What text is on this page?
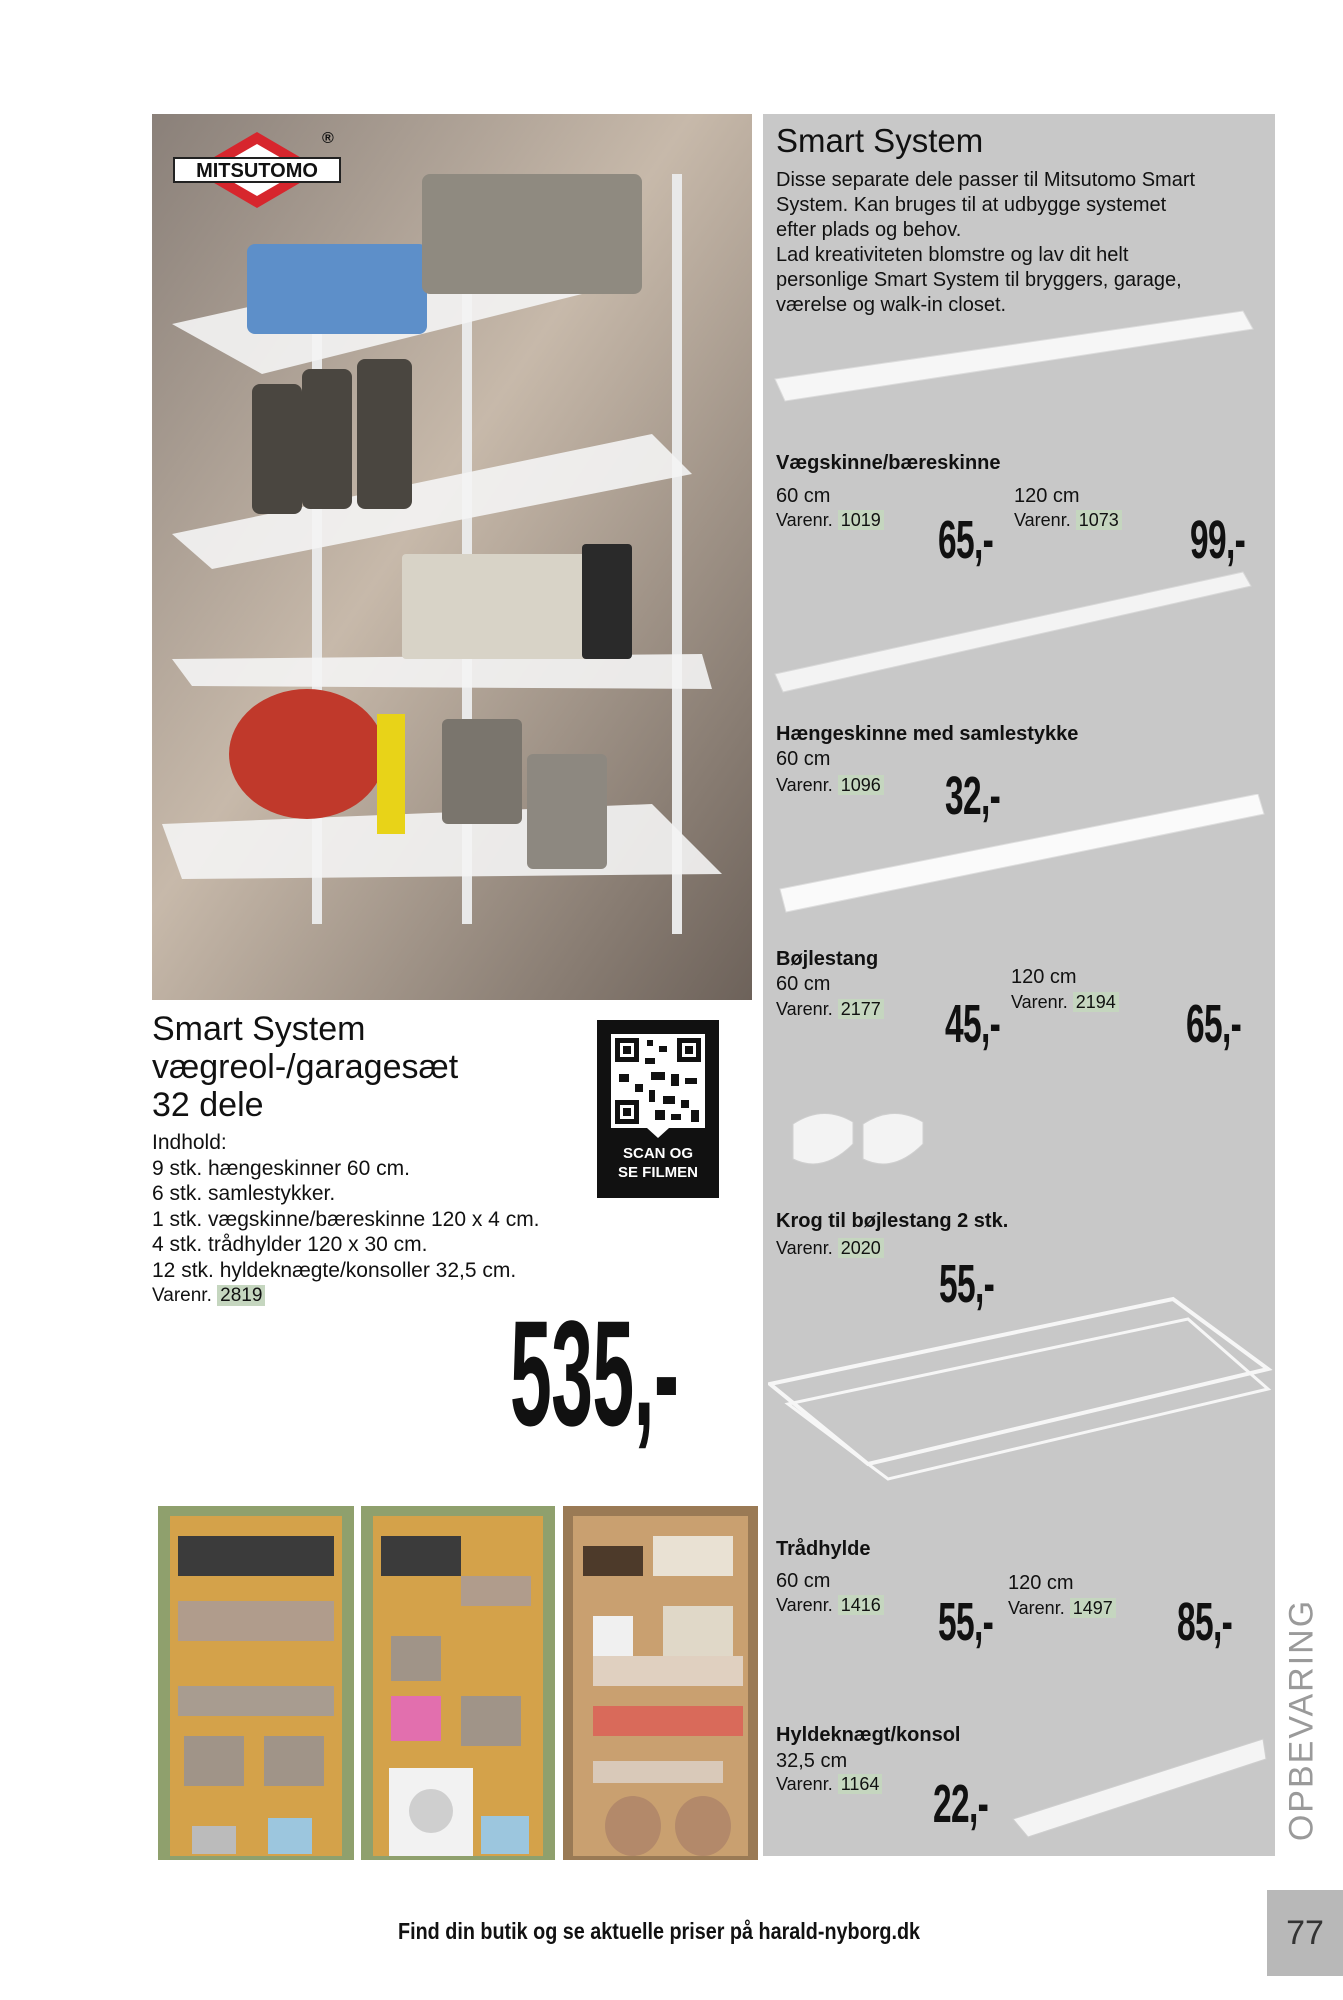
MITSUTOMO
®
Smart System
vægreol-/garagesæt
32 dele
Indhold:
9 stk. hængeskinner 60 cm.
6 stk. samlestykker.
1 stk. vægskinne/bæreskinne 120 x 4 cm.
4 stk. trådhylder 120 x 30 cm.
12 stk. hyldeknægte/konsoller 32,5 cm.
Varenr. 2819	535,-
SCAN OG
SE FILMEN
Smart System
Disse separate dele passer til Mitsutomo Smart
System. Kan bruges til at udbygge systemet
efter plads og behov.
Lad kreativiteten blomstre og lav dit helt
personlige Smart System til bryggers, garage,
værelse og walk-in closet.
Vægskinne/bæreskinne
60 cm
Varenr. 1019 65,-
120 cm
Varenr. 1073 99,-
Hængeskinne med samlestykke
60 cm
Varenr. 1096 32,-
Bøjlestang
60 cm
Varenr. 2177 45,-
120 cm
Varenr. 2194 65,-
Krog til bøjlestang 2 stk.
Varenr. 2020
55,-
Trådhylde
60 cm
Varenr. 1416 55,-
120 cm
Varenr. 1497 85,-
Hyldeknægt/konsol
32,5 cm
Varenr. 1164 22,-	OPBEVARING
Find din butik og se aktuelle priser på harald-nyborg.dk	77
